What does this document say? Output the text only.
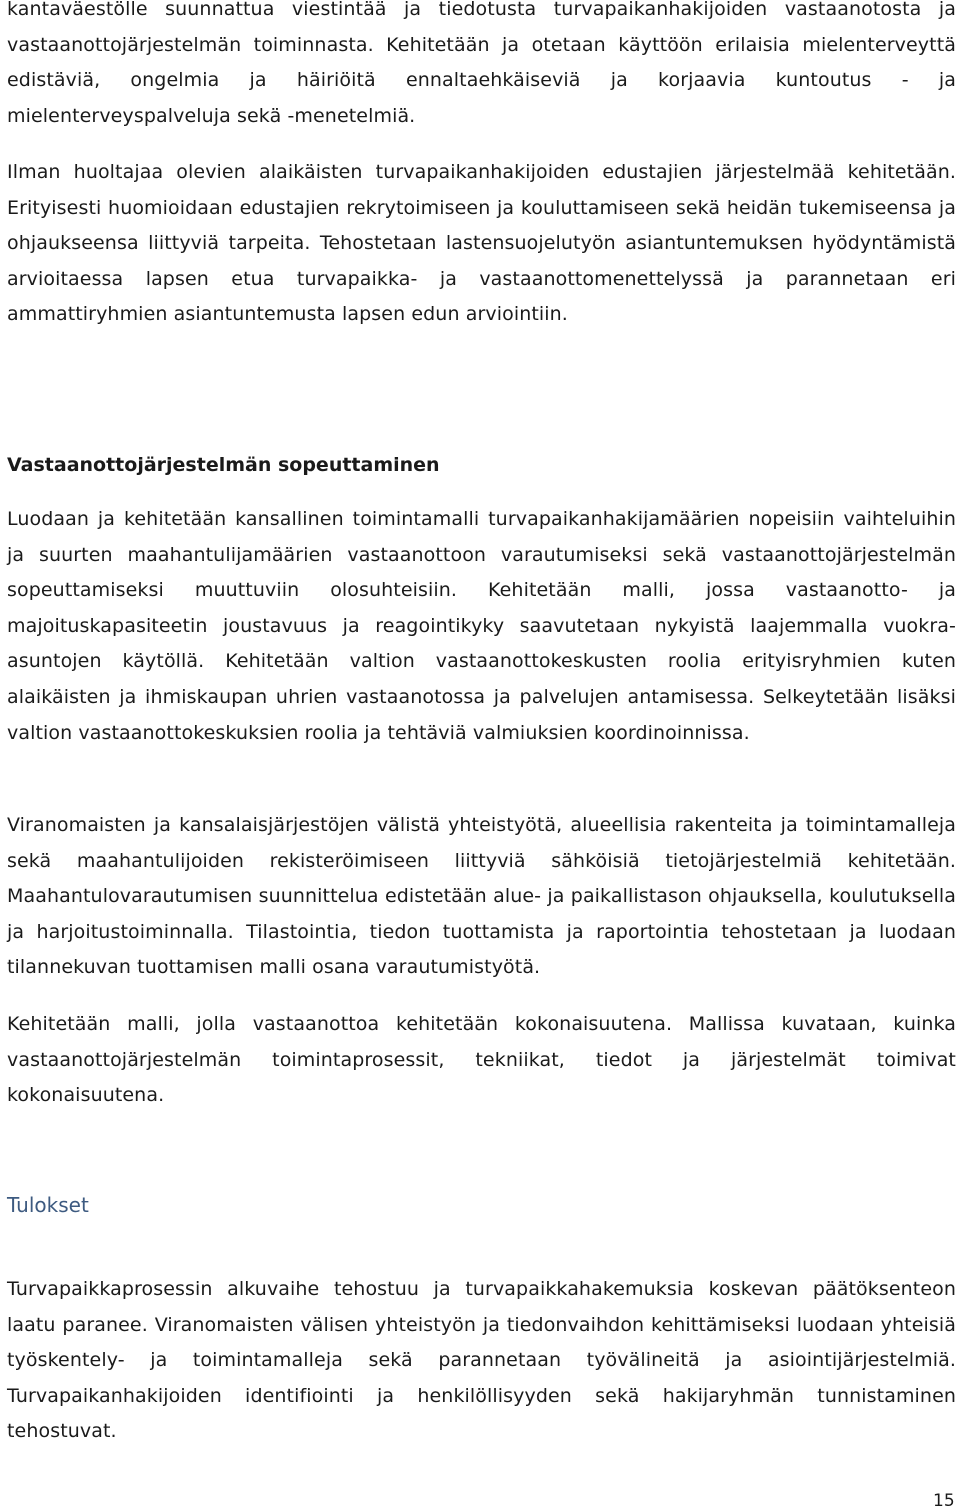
kantaväestölle suunnattua viestintää ja tiedotusta turvapaikanhakijoiden vastaanotosta ja vastaanottojärjestelmän toiminnasta. Kehitetään ja otetaan käyttöön erilaisia mielenterveyttä edistäviä, ongelmia ja häiriöitä ennaltaehkäiseviä ja korjaavia kuntoutus - ja mielenterveyspalveluja sekä -menetelmiä.

Ilman huoltajaa olevien alaikäisten turvapaikanhakijoiden edustajien järjestelmää kehitetään. Erityisesti huomioidaan edustajien rekrytoimiseen ja kouluttamiseen sekä heidän tukemiseensa ja ohjaukseensa liittyviä tarpeita. Tehostetaan lastensuojelutyön asiantuntemuksen hyödyntämistä arvioitaessa lapsen etua turvapaikka- ja vastaanottomenettelyssä ja parannetaan eri ammattiryhmien asiantuntemusta lapsen edun arviointiin.

Vastaanottojärjestelmän sopeuttaminen

Luodaan ja kehitetään kansallinen toimintamalli turvapaikanhakijamäärien nopeisiin vaihteluihin ja suurten maahantulijamäärien vastaanottoon varautumiseksi sekä vastaanottojärjestelmän sopeuttamiseksi muuttuviin olosuhteisiin. Kehitetään malli, jossa vastaanotto- ja majoituskapasiteetin joustavuus ja reagointikyky saavutetaan nykyistä laajemmalla vuokra-asuntojen käytöllä. Kehitetään valtion vastaanottokeskusten roolia erityisryhmien kuten alaikäisten ja ihmiskaupan uhrien vastaanotossa ja palvelujen antamisessa. Selkeytetään lisäksi valtion vastaanottokeskuksien roolia ja tehtäviä valmiuksien koordinoinnissa.

Viranomaisten ja kansalaisjärjestöjen välistä yhteistyötä, alueellisia rakenteita ja toimintamalleja sekä maahantulijoiden rekisteröimiseen liittyviä sähköisiä tietojärjestelmiä kehitetään. Maahantulovarautumisen suunnittelua edistetään alue- ja paikallistason ohjauksella, koulutuksella ja harjoitustoiminnalla. Tilastointia, tiedon tuottamista ja raportointia tehostetaan ja luodaan tilannekuvan tuottamisen malli osana varautumistyötä.

Kehitetään malli, jolla vastaanottoa kehitetään kokonaisuutena. Mallissa kuvataan, kuinka vastaanottojärjestelmän toimintaprosessit, tekniikat, tiedot ja järjestelmät toimivat kokonaisuutena.

Tulokset

Turvapaikkaprosessin alkuvaihe tehostuu ja turvapaikkahakemuksia koskevan päätöksenteon laatu paranee. Viranomaisten välisen yhteistyön ja tiedonvaihdon kehittämiseksi luodaan yhteisiä työskentely- ja toimintamalleja sekä parannetaan työvälineitä ja asiointijärjestelmiä. Turvapaikanhakijoiden identifiointi ja henkilöllisyyden sekä hakijaryhmän tunnistaminen tehostuvat.

15
